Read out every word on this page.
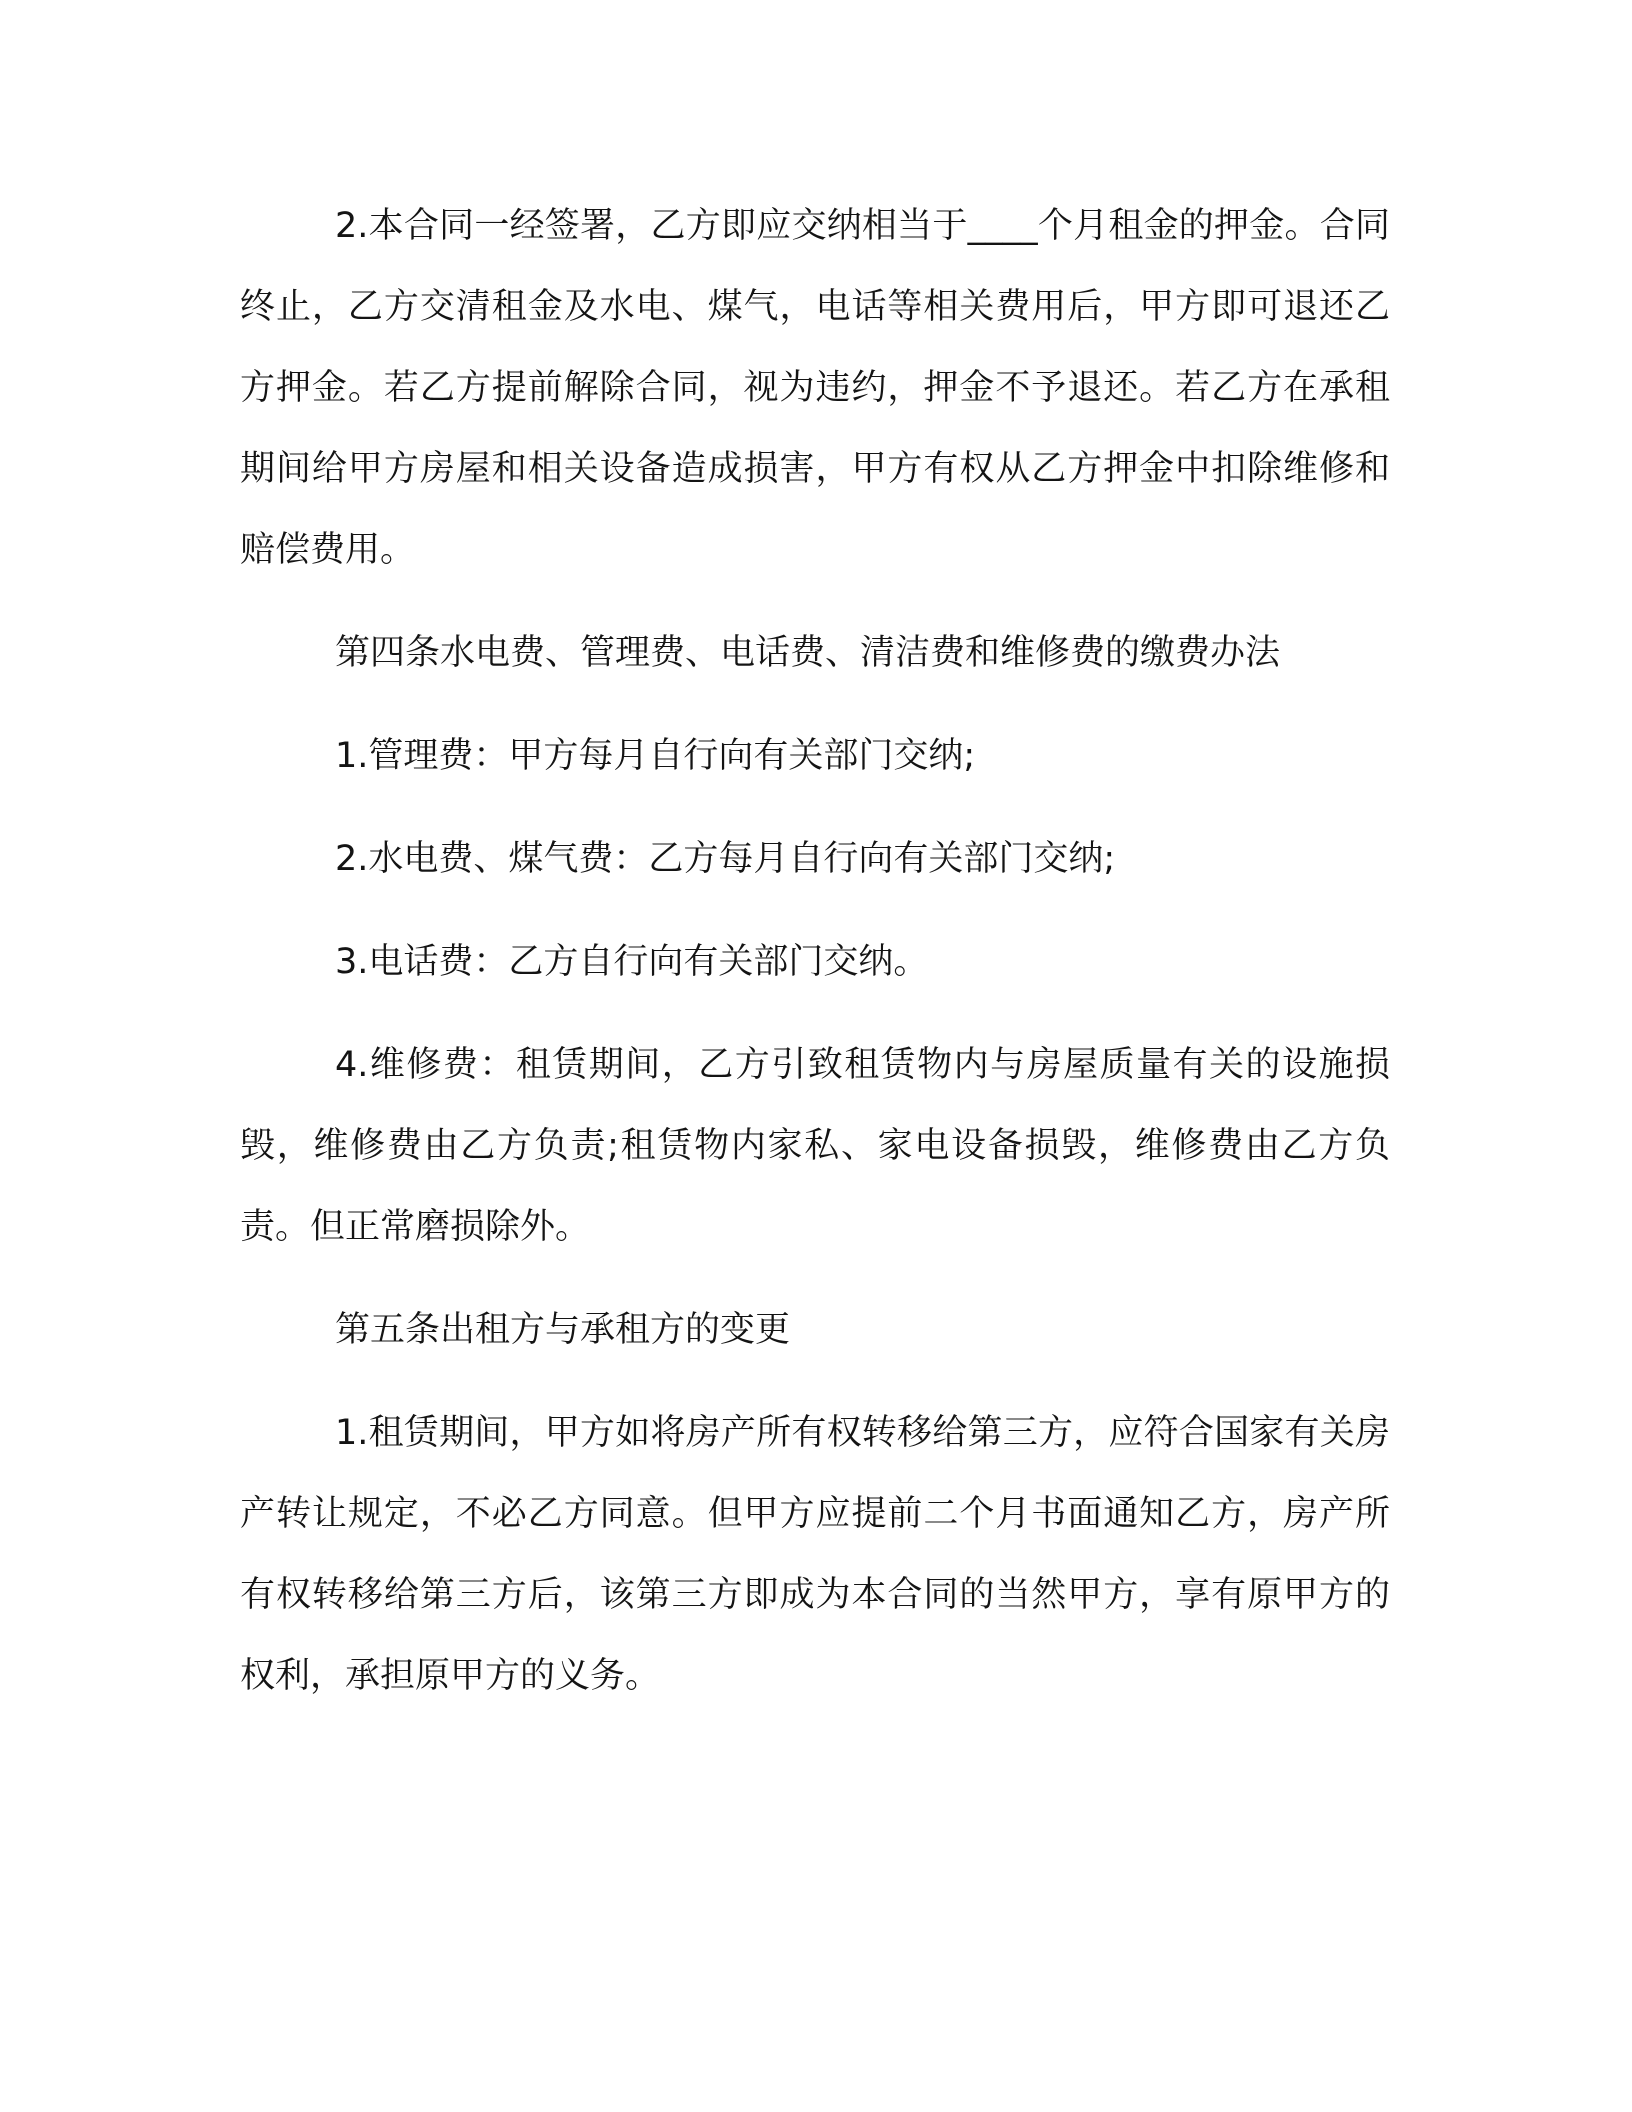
2.本合同一经签署，乙方即应交纳相当于____个月租金的押金。合同终止，乙方交清租金及水电、煤气，电话等相关费用后，甲方即可退还乙方押金。若乙方提前解除合同，视为违约，押金不予退还。若乙方在承租期间给甲方房屋和相关设备造成损害，甲方有权从乙方押金中扣除维修和赔偿费用。

第四条水电费、管理费、电话费、清洁费和维修费的缴费办法

1.管理费：甲方每月自行向有关部门交纳;

2.水电费、煤气费：乙方每月自行向有关部门交纳;

3.电话费：乙方自行向有关部门交纳。

4.维修费：租赁期间，乙方引致租赁物内与房屋质量有关的设施损毁，维修费由乙方负责;租赁物内家私、家电设备损毁，维修费由乙方负责。但正常磨损除外。

第五条出租方与承租方的变更

1.租赁期间，甲方如将房产所有权转移给第三方，应符合国家有关房产转让规定，不必乙方同意。但甲方应提前二个月书面通知乙方，房产所有权转移给第三方后，该第三方即成为本合同的当然甲方，享有原甲方的权利，承担原甲方的义务。
